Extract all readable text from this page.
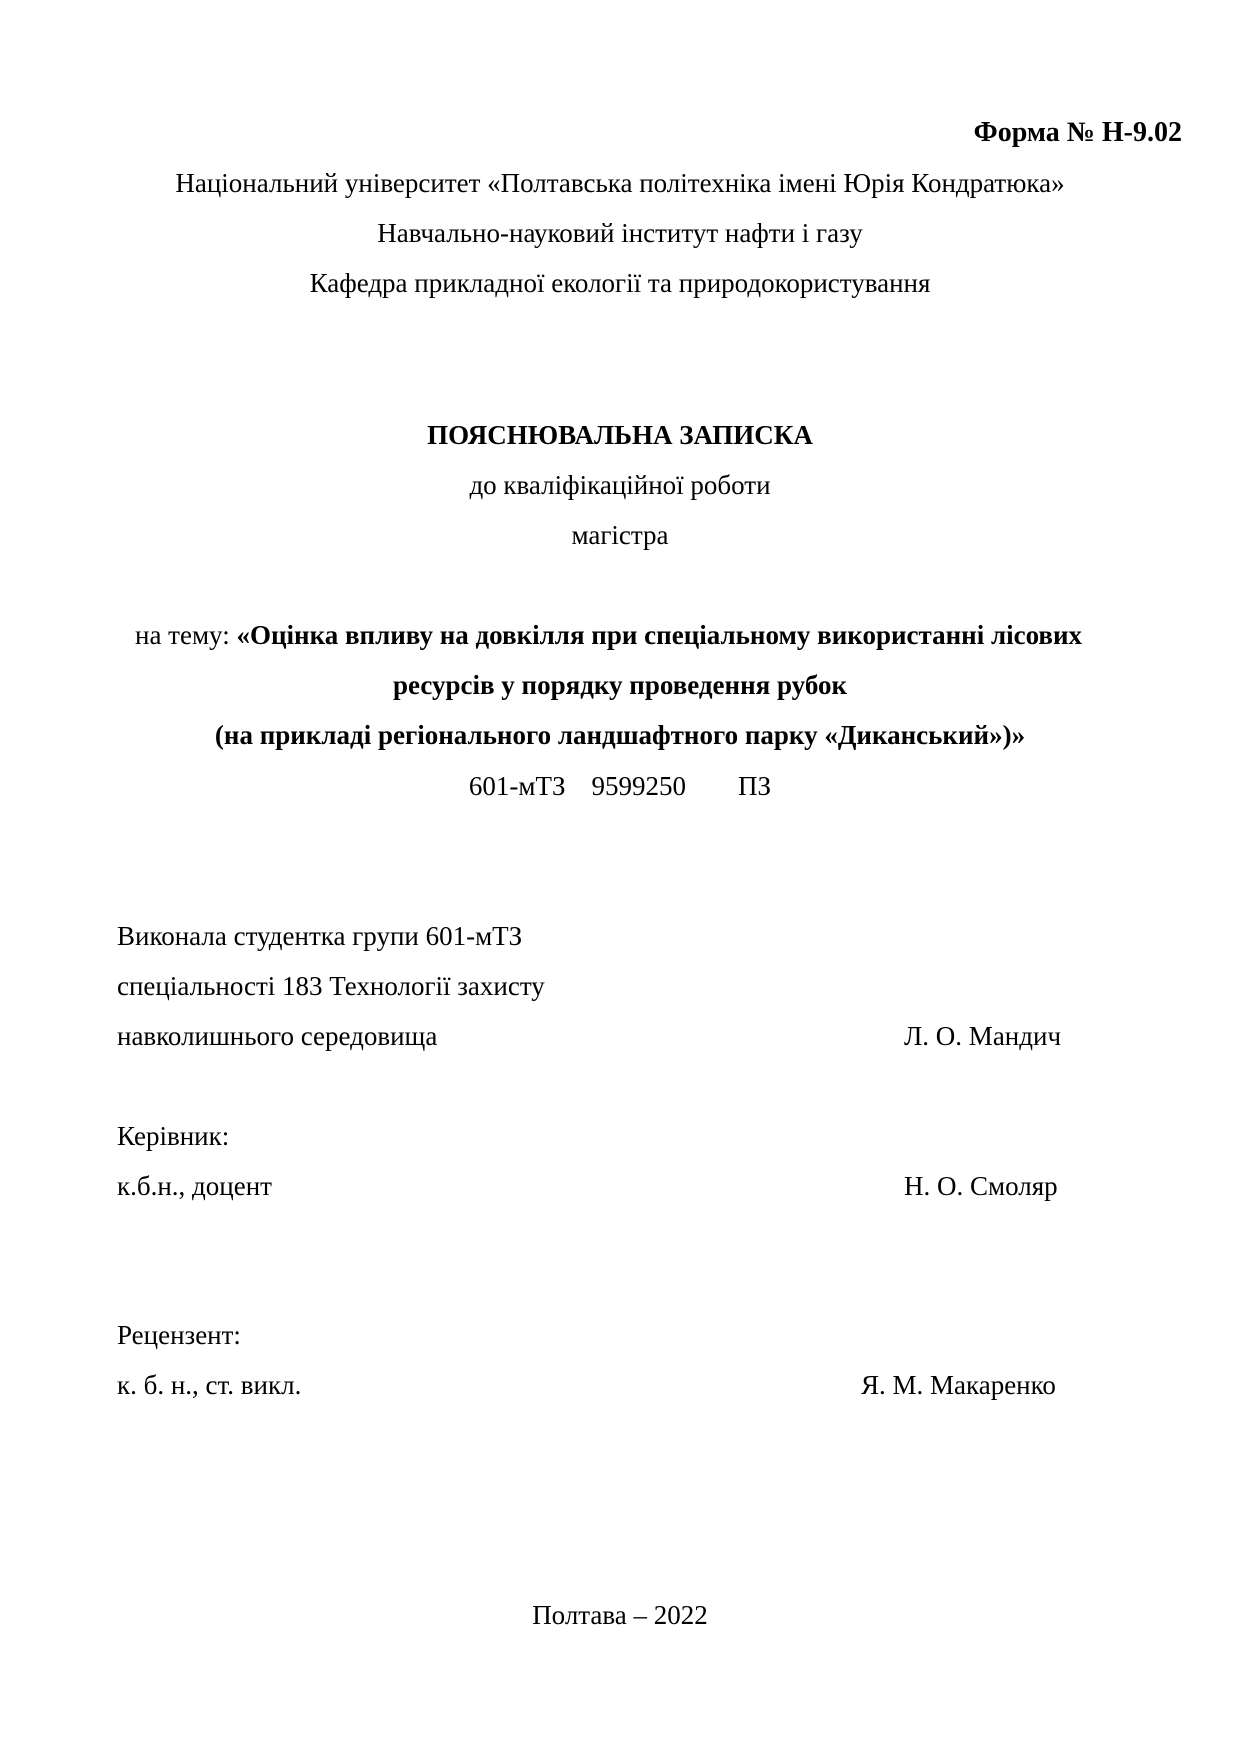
Форма № Н-9.02
Національний університет «Полтавська політехніка імені Юрія Кондратюка»
Навчально-науковий інститут нафти і газу
Кафедра прикладної екології та природокористування
ПОЯСНЮВАЛЬНА ЗАПИСКА
до кваліфікаційної роботи
магістра
на тему: «Оцінка впливу на довкілля при спеціальному використанні лісових
ресурсів у порядку проведення рубок
(на прикладі регіонального ландшафтного парку «Диканський»)»
601-мТЗ 9599250 ПЗ
Виконала студентка групи 601-мТЗ
спеціальності 183 Технології захисту
навколишнього середовища	Л. О. Мандич
Керівник:
к.б.н., доцент	Н. О. Смоляр
Рецензент:
к. б. н., ст. викл.	Я. М. Макаренко
Полтава – 2022
